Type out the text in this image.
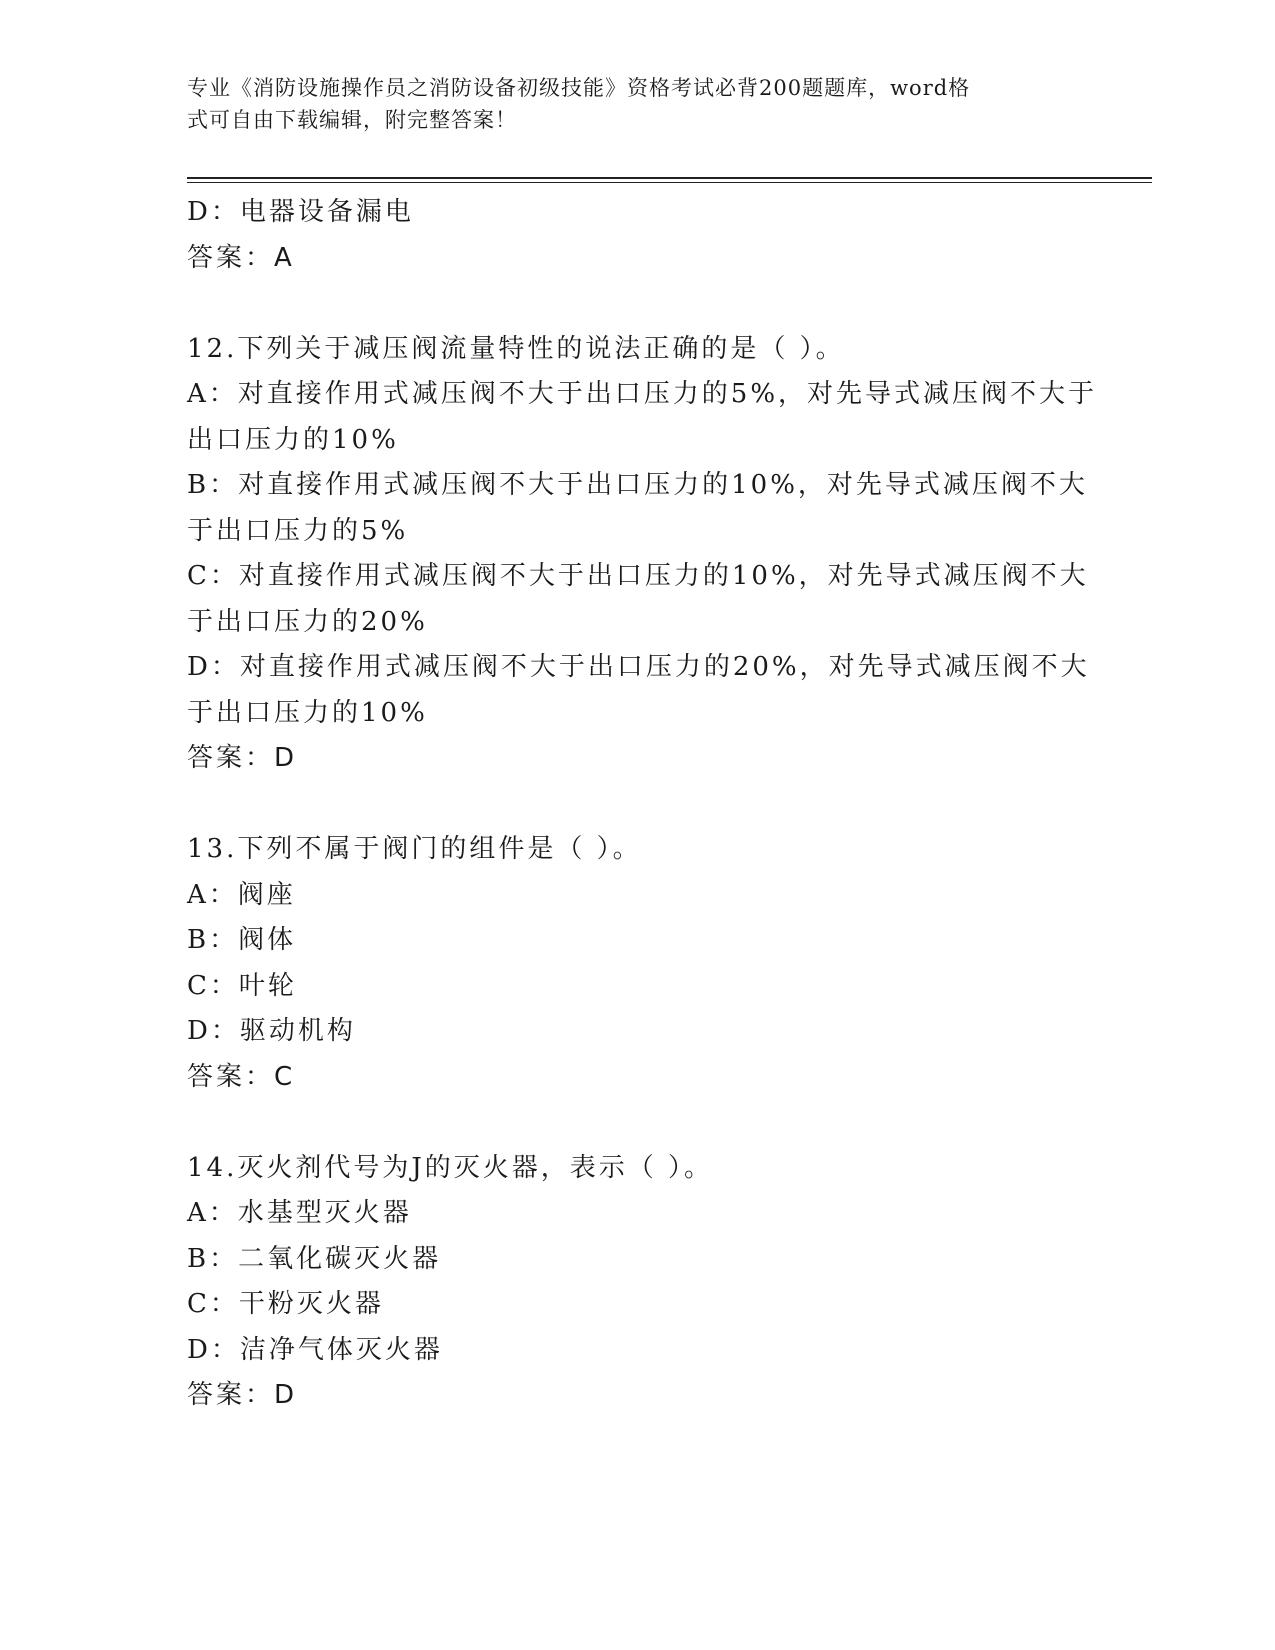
专业《消防设施操作员之消防设备初级技能》资格考试必背200题题库，word格
式可自由下载编辑，附完整答案！
D：电器设备漏电
答案：A
12.下列关于减压阀流量特性的说法正确的是（ ）。
A：对直接作用式减压阀不大于出口压力的5%，对先导式减压阀不大于
出口压力的10%
B：对直接作用式减压阀不大于出口压力的10%，对先导式减压阀不大
于出口压力的5%
C：对直接作用式减压阀不大于出口压力的10%，对先导式减压阀不大
于出口压力的20%
D：对直接作用式减压阀不大于出口压力的20%，对先导式减压阀不大
于出口压力的10%
答案：D
13.下列不属于阀门的组件是（ ）。
A：阀座
B：阀体
C：叶轮
D：驱动机构
答案：C
14.灭火剂代号为J的灭火器，表示（ ）。
A：水基型灭火器
B：二氧化碳灭火器
C：干粉灭火器
D：洁净气体灭火器
答案：D
